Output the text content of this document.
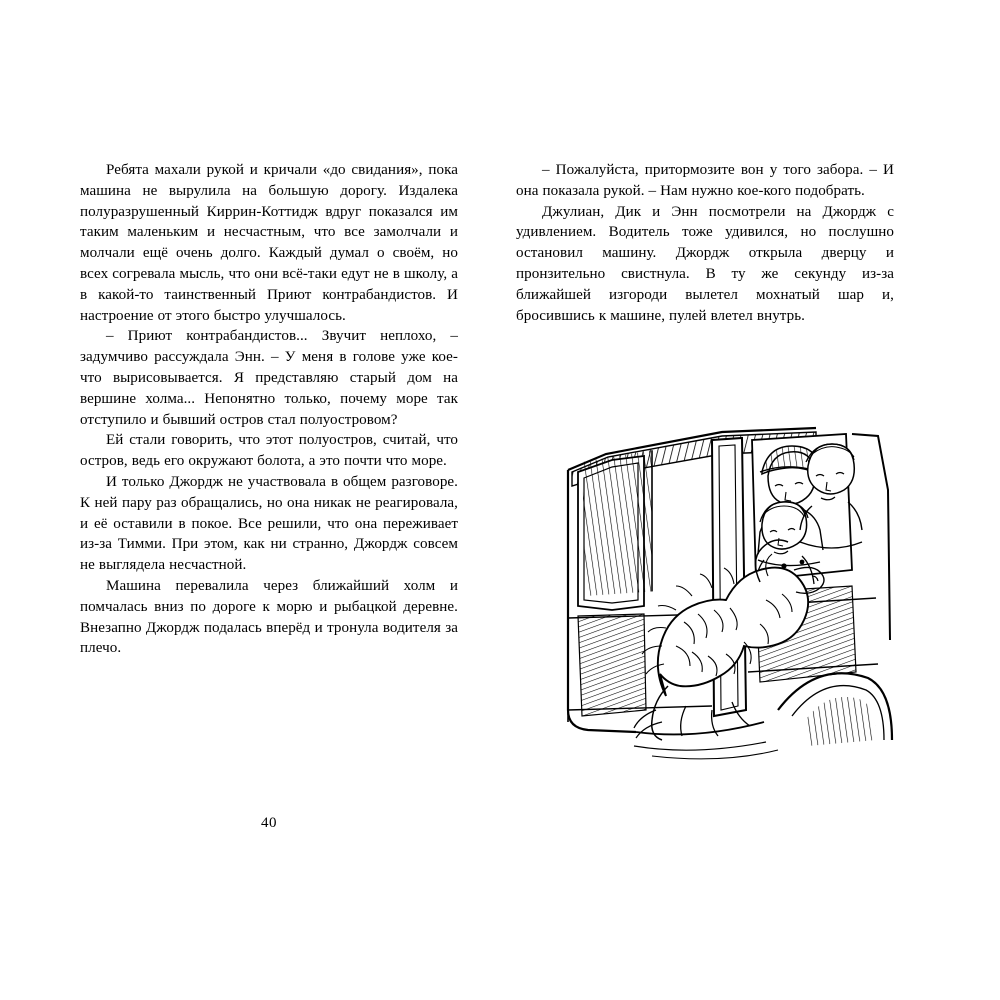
Ребята махали рукой и кричали «до свидания», пока машина не вырулила на большую дорогу. Издалека полуразрушенный Киррин-Коттидж вдруг показался им таким маленьким и несчастным, что все замолчали и молчали ещё очень долго. Каждый думал о своём, но всех согревала мысль, что они всё-таки едут не в школу, а в какой-то таинственный Приют контрабандистов. И настроение от этого быстро улучшалось.

– Приют контрабандистов... Звучит неплохо, – задумчиво рассуждала Энн. – У меня в голове уже кое-что вырисовывается. Я представляю старый дом на вершине холма... Непонятно только, почему море так отступило и бывший остров стал полуостровом?

Ей стали говорить, что этот полуостров, считай, что остров, ведь его окружают болота, а это почти что море.

И только Джордж не участвовала в общем разговоре. К ней пару раз обращались, но она никак не реагировала, и её оставили в покое. Все решили, что она переживает из-за Тимми. При этом, как ни странно, Джордж совсем не выглядела несчастной.

Машина перевалила через ближайший холм и помчалась вниз по дороге к морю и рыбацкой деревне. Внезапно Джордж подалась вперёд и тронула водителя за плечо.

40

– Пожалуйста, притормозите вон у того забора. – И она показала рукой. – Нам нужно кое-кого подобрать.

Джулиан, Дик и Энн посмотрели на Джордж с удивлением. Водитель тоже удивился, но послушно остановил машину. Джордж открыла дверцу и пронзительно свистнула. В ту же секунду из-за ближайшей изгороди вылетел мохнатый шар и, бросившись к машине, пулей влетел внутрь.
